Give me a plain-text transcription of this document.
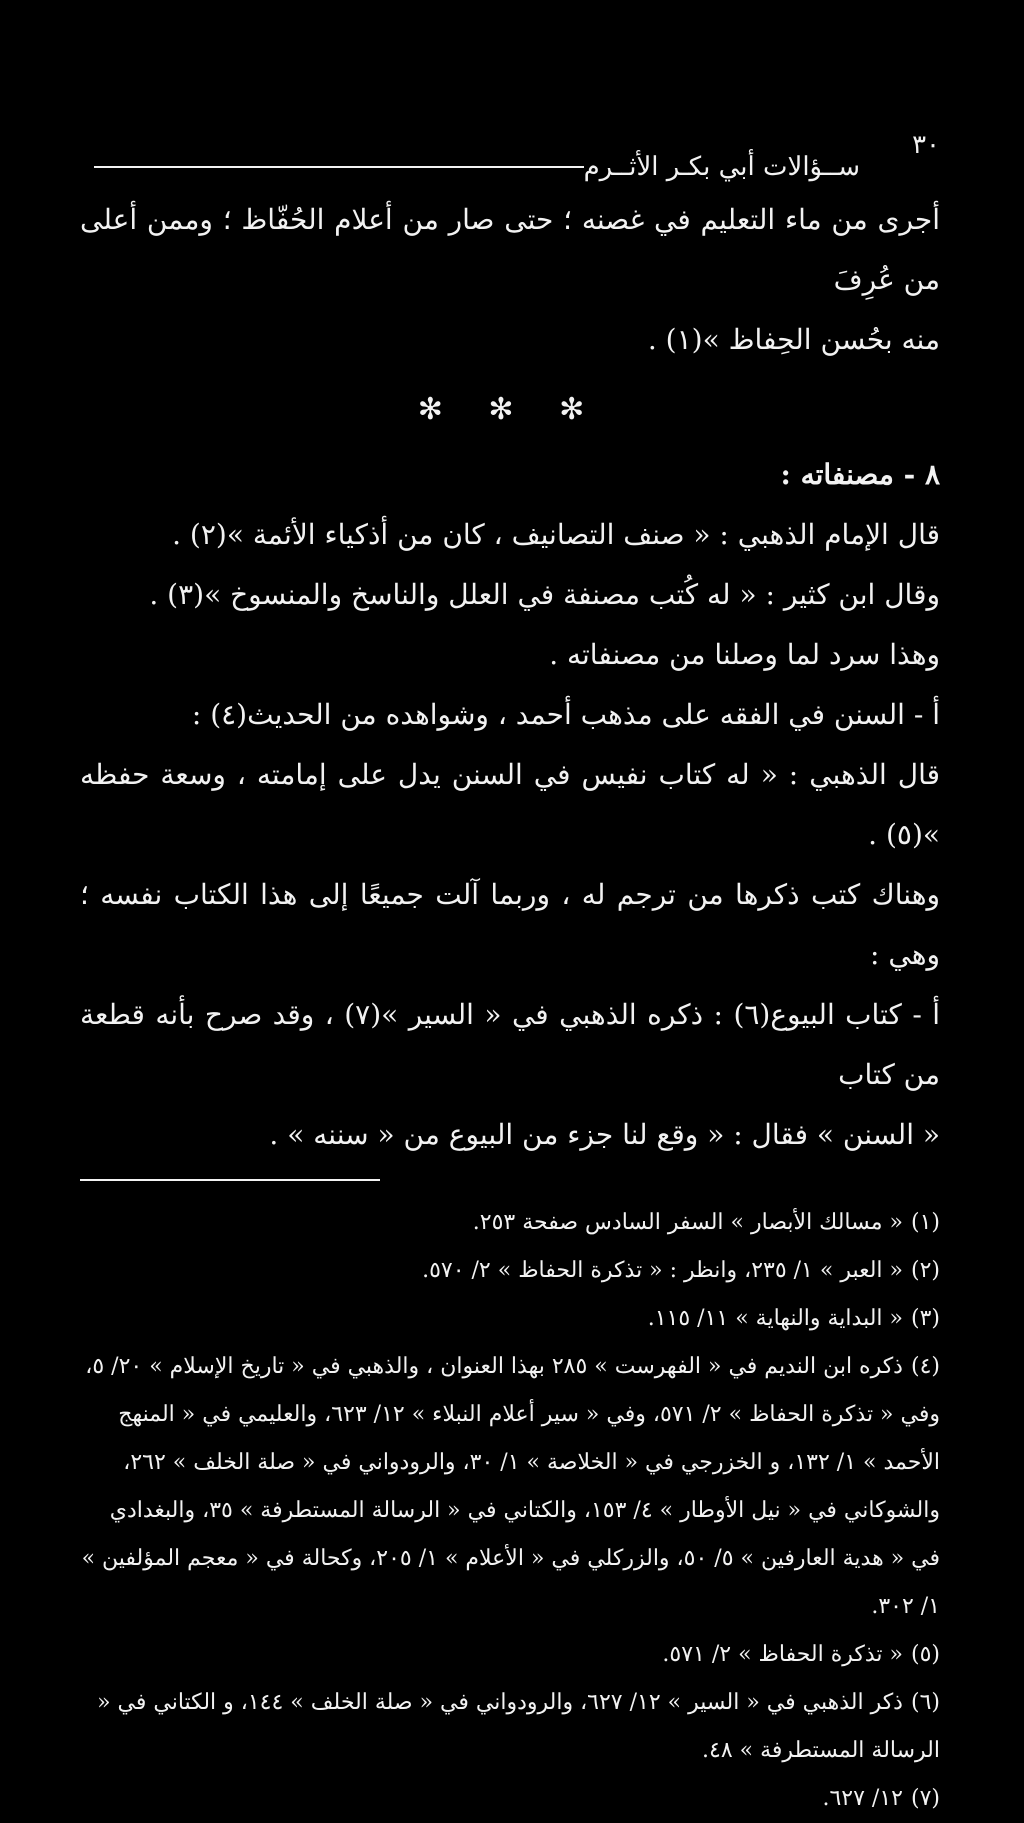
٣٠
ســؤالات أبي بكـر الأثــرم

أجرى من ماء التعليم في غصنه ؛ حتى صار من أعلام الحُفّاظ ؛ وممن أعلى من عُرِفَ

منه بحُسن الحِفاظ »(١) .

✻ ✻ ✻

٨ - مصنفاته :

قال الإمام الذهبي : « صنف التصانيف ، كان من أذكياء الأئمة »(٢) .

وقال ابن كثير : « له كُتب مصنفة في العلل والناسخ والمنسوخ »(٣) .

وهذا سرد لما وصلنا من مصنفاته .

أ - السنن في الفقه على مذهب أحمد ، وشواهده من الحديث(٤) :

قال الذهبي : « له كتاب نفيس في السنن يدل على إمامته ، وسعة حفظه »(٥) .

وهناك كتب ذكرها من ترجم له ، وربما آلت جميعًا إلى هذا الكتاب نفسه ؛ وهي :

أ - كتاب البيوع(٦) : ذكره الذهبي في « السير »(٧) ، وقد صرح بأنه قطعة من كتاب

« السنن » فقال : « وقع لنا جزء من البيوع من « سننه » .

(١)« مسالك الأبصار » السفر السادس صفحة ٢٥٣.

(٢)« العبر » ١/ ٢٣٥، وانظر : « تذكرة الحفاظ » ٢/ ٥٧٠.

(٣)« البداية والنهاية » ١١/ ١١٥.

(٤)ذكره ابن النديم في « الفهرست » ٢٨٥ بهذا العنوان ، والذهبي في « تاريخ الإسلام » ٢٠/ ٥، وفي « تذكرة الحفاظ » ٢/ ٥٧١، وفي « سير أعلام النبلاء » ١٢/ ٦٢٣، والعليمي في « المنهج الأحمد » ١/ ١٣٢، و الخزرجي في « الخلاصة » ١/ ٣٠، والرودواني في « صلة الخلف » ٢٦٢، والشوكاني في « نيل الأوطار » ٤/ ١٥٣، والكتاني في « الرسالة المستطرفة » ٣٥، والبغدادي في « هدية العارفين » ٥/ ٥٠، والزركلي في « الأعلام » ١/ ٢٠٥، وكحالة في « معجم المؤلفين » ١/ ٣٠٢.

(٥)« تذكرة الحفاظ » ٢/ ٥٧١.

(٦)ذكر الذهبي في « السير » ١٢/ ٦٢٧، والرودواني في « صلة الخلف » ١٤٤، و الكتاني في « الرسالة المستطرفة » ٤٨.

(٧)١٢/ ٦٢٧.
